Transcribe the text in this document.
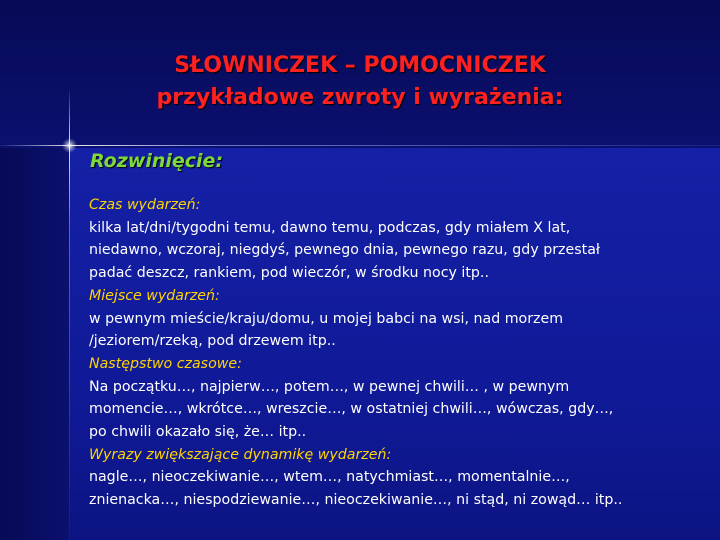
SŁOWNICZEK – POMOCNICZEK
przykładowe zwroty i wyrażenia:
Rozwinięcie:
Czas wydarzeń:
kilka lat/dni/tygodni temu, dawno temu, podczas, gdy miałem X lat,
niedawno, wczoraj, niegdyś, pewnego dnia, pewnego razu, gdy przestał
padać deszcz, rankiem, pod wieczór, w środku nocy itp..
Miejsce wydarzeń:
w pewnym mieście/kraju/domu, u mojej babci na wsi, nad morzem
/jeziorem/rzeką, pod drzewem itp..
Następstwo czasowe:
Na początku…, najpierw…, potem…, w pewnej chwili… , w pewnym
momencie…, wkrótce…, wreszcie…, w ostatniej chwili…, wówczas, gdy…,
po chwili okazało się, że… itp..
Wyrazy zwiększające dynamikę wydarzeń:
nagle…, nieoczekiwanie…, wtem…, natychmiast…, momentalnie…,
znienacka…, niespodziewanie…, nieoczekiwanie…, ni stąd, ni zowąd… itp..
